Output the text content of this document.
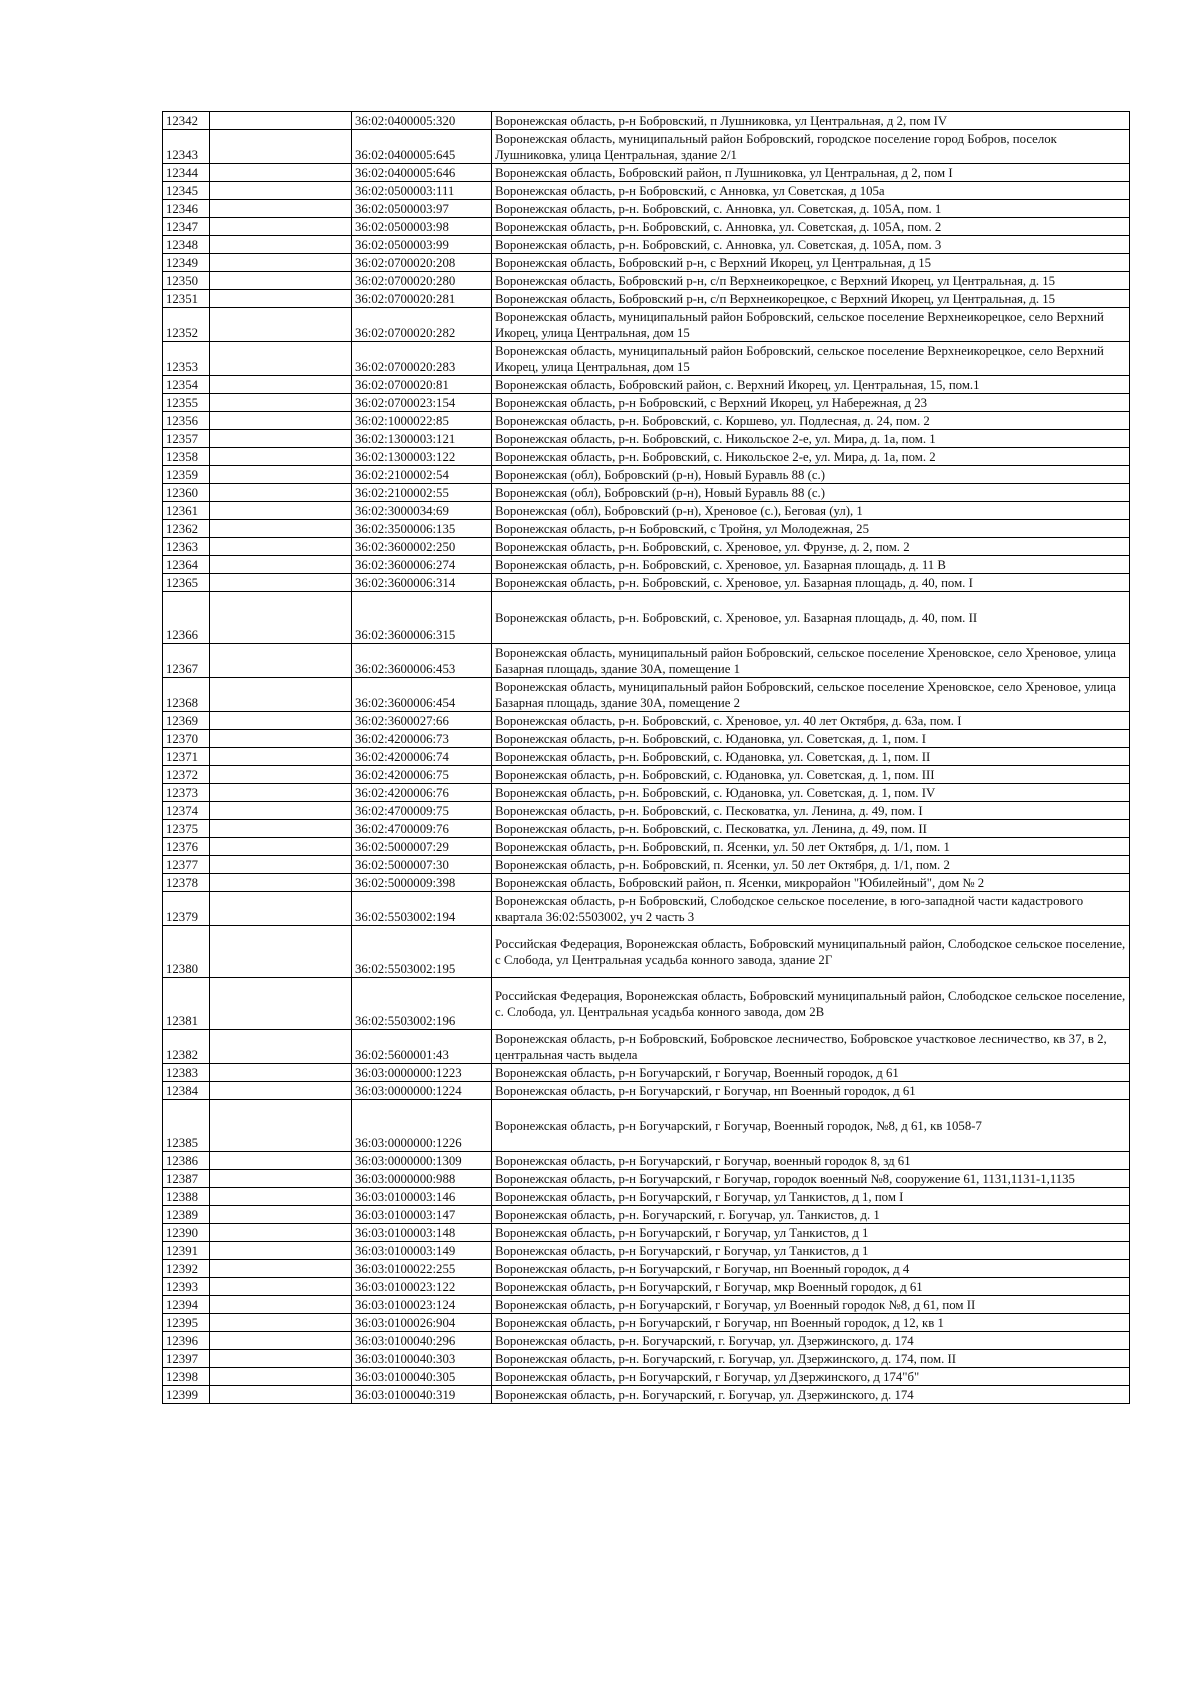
12342		36:02:0400005:320	Воронежская область, р-н Бобровский, п Лушниковка, ул Центральная, д 2, пом IV
12343		36:02:0400005:645	Воронежская область, муниципальный район Бобровский, городское поселение город Бобров, поселок Лушниковка, улица Центральная, здание 2/1
12344		36:02:0400005:646	Воронежская область, Бобровский район, п Лушниковка, ул Центральная, д 2, пом I
12345		36:02:0500003:111	Воронежская область, р-н Бобровский, с Анновка, ул Советская, д 105а
12346		36:02:0500003:97	Воронежская область, р-н. Бобровский, с. Анновка, ул. Советская, д. 105А, пом. 1
12347		36:02:0500003:98	Воронежская область, р-н. Бобровский, с. Анновка, ул. Советская, д. 105А, пом. 2
12348		36:02:0500003:99	Воронежская область, р-н. Бобровский, с. Анновка, ул. Советская, д. 105А, пом. 3
12349		36:02:0700020:208	Воронежская область, Бобровский р-н, с Верхний Икорец, ул Центральная, д 15
12350		36:02:0700020:280	Воронежская область, Бобровский р-н, с/п Верхнеикорецкое, с Верхний Икорец, ул Центральная, д. 15
12351		36:02:0700020:281	Воронежская область, Бобровский р-н, с/п Верхнеикорецкое, с Верхний Икорец, ул Центральная, д. 15
12352		36:02:0700020:282	Воронежская область, муниципальный район Бобровский, сельское поселение Верхнеикорецкое, село Верхний Икорец, улица Центральная, дом 15
12353		36:02:0700020:283	Воронежская область, муниципальный район Бобровский, сельское поселение Верхнеикорецкое, село Верхний Икорец, улица Центральная, дом 15
12354		36:02:0700020:81	Воронежская область, Бобровский район, с. Верхний Икорец, ул. Центральная, 15, пом.1
12355		36:02:0700023:154	Воронежская область, р-н Бобровский, с Верхний Икорец, ул Набережная, д 23
12356		36:02:1000022:85	Воронежская область, р-н. Бобровский, с. Коршево, ул. Подлесная, д. 24, пом. 2
12357		36:02:1300003:121	Воронежская область, р-н. Бобровский, с. Никольское 2-е, ул. Мира, д. 1а, пом. 1
12358		36:02:1300003:122	Воронежская область, р-н. Бобровский, с. Никольское 2-е, ул. Мира, д. 1а, пом. 2
12359		36:02:2100002:54	Воронежская (обл), Бобровский (р-н), Новый Буравль 88 (с.)
12360		36:02:2100002:55	Воронежская (обл), Бобровский (р-н), Новый Буравль 88 (с.)
12361		36:02:3000034:69	Воронежская (обл), Бобровский (р-н), Хреновое (с.), Беговая (ул), 1
12362		36:02:3500006:135	Воронежская область, р-н Бобровский, с Тройня, ул Молодежная, 25
12363		36:02:3600002:250	Воронежская область, р-н. Бобровский, с. Хреновое, ул. Фрунзе, д. 2, пом. 2
12364		36:02:3600006:274	Воронежская область, р-н. Бобровский, с. Хреновое, ул. Базарная площадь, д. 11 В
12365		36:02:3600006:314	Воронежская область, р-н. Бобровский, с. Хреновое, ул. Базарная площадь, д. 40, пом. I
12366		36:02:3600006:315	Воронежская область, р-н. Бобровский, с. Хреновое, ул. Базарная площадь, д. 40, пом. II
12367		36:02:3600006:453	Воронежская область, муниципальный район Бобровский, сельское поселение Хреновское, село Хреновое, улица Базарная площадь, здание 30А, помещение 1
12368		36:02:3600006:454	Воронежская область, муниципальный район Бобровский, сельское поселение Хреновское, село Хреновое, улица Базарная площадь, здание 30А, помещение 2
12369		36:02:3600027:66	Воронежская область, р-н. Бобровский, с. Хреновое, ул. 40 лет Октября, д. 63а, пом. I
12370		36:02:4200006:73	Воронежская область, р-н. Бобровский, с. Юдановка, ул. Советская, д. 1, пом. I
12371		36:02:4200006:74	Воронежская область, р-н. Бобровский, с. Юдановка, ул. Советская, д. 1, пом. II
12372		36:02:4200006:75	Воронежская область, р-н. Бобровский, с. Юдановка, ул. Советская, д. 1, пом. III
12373		36:02:4200006:76	Воронежская область, р-н. Бобровский, с. Юдановка, ул. Советская, д. 1, пом. IV
12374		36:02:4700009:75	Воронежская область, р-н. Бобровский, с. Песковатка, ул. Ленина, д. 49, пом. I
12375		36:02:4700009:76	Воронежская область, р-н. Бобровский, с. Песковатка, ул. Ленина, д. 49, пом. II
12376		36:02:5000007:29	Воронежская область, р-н. Бобровский, п. Ясенки, ул. 50 лет Октября, д. 1/1, пом. 1
12377		36:02:5000007:30	Воронежская область, р-н. Бобровский, п. Ясенки, ул. 50 лет Октября, д. 1/1, пом. 2
12378		36:02:5000009:398	Воронежская область, Бобровский район, п. Ясенки, микрорайон "Юбилейный", дом № 2
12379		36:02:5503002:194	Воронежская область, р-н Бобровский, Слободское сельское поселение, в юго-западной части кадастрового квартала 36:02:5503002, уч 2 часть 3
12380		36:02:5503002:195	Российская Федерация, Воронежская область, Бобровский муниципальный район, Слободское сельское поселение, с Слобода, ул Центральная усадьба конного завода, здание 2Г
12381		36:02:5503002:196	Российская Федерация, Воронежская область, Бобровский муниципальный район, Слободское сельское поселение, с. Слобода, ул. Центральная усадьба конного завода, дом 2В
12382		36:02:5600001:43	Воронежская область, р-н Бобровский, Бобровское лесничество, Бобровское участковое лесничество, кв 37, в 2, центральная часть выдела
12383		36:03:0000000:1223	Воронежская область, р-н Богучарский, г Богучар, Военный городок, д 61
12384		36:03:0000000:1224	Воронежская область, р-н Богучарский, г Богучар, нп Военный городок, д 61
12385		36:03:0000000:1226	Воронежская область, р-н Богучарский, г Богучар, Военный городок, №8, д 61, кв 1058-7
12386		36:03:0000000:1309	Воронежская область, р-н Богучарский, г Богучар, военный городок 8, зд 61
12387		36:03:0000000:988	Воронежская область, р-н Богучарский, г Богучар, городок военный №8, сооружение 61, 1131,1131-1,1135
12388		36:03:0100003:146	Воронежская область, р-н Богучарский, г Богучар, ул Танкистов, д 1, пом I
12389		36:03:0100003:147	Воронежская область, р-н. Богучарский, г. Богучар, ул. Танкистов, д. 1
12390		36:03:0100003:148	Воронежская область, р-н Богучарский, г Богучар, ул Танкистов, д 1
12391		36:03:0100003:149	Воронежская область, р-н Богучарский, г Богучар, ул Танкистов, д 1
12392		36:03:0100022:255	Воронежская область, р-н Богучарский, г Богучар, нп Военный городок, д 4
12393		36:03:0100023:122	Воронежская область, р-н Богучарский, г Богучар, мкр Военный городок, д 61
12394		36:03:0100023:124	Воронежская область, р-н Богучарский, г Богучар, ул Военный городок №8, д 61, пом II
12395		36:03:0100026:904	Воронежская область, р-н Богучарский, г Богучар, нп Военный городок, д 12, кв 1
12396		36:03:0100040:296	Воронежская область, р-н. Богучарский, г. Богучар, ул. Дзержинского, д. 174
12397		36:03:0100040:303	Воронежская область, р-н. Богучарский, г. Богучар, ул. Дзержинского, д. 174, пом. II
12398		36:03:0100040:305	Воронежская область, р-н Богучарский, г Богучар, ул Дзержинского, д 174"б"
12399		36:03:0100040:319	Воронежская область, р-н. Богучарский, г. Богучар, ул. Дзержинского, д. 174
